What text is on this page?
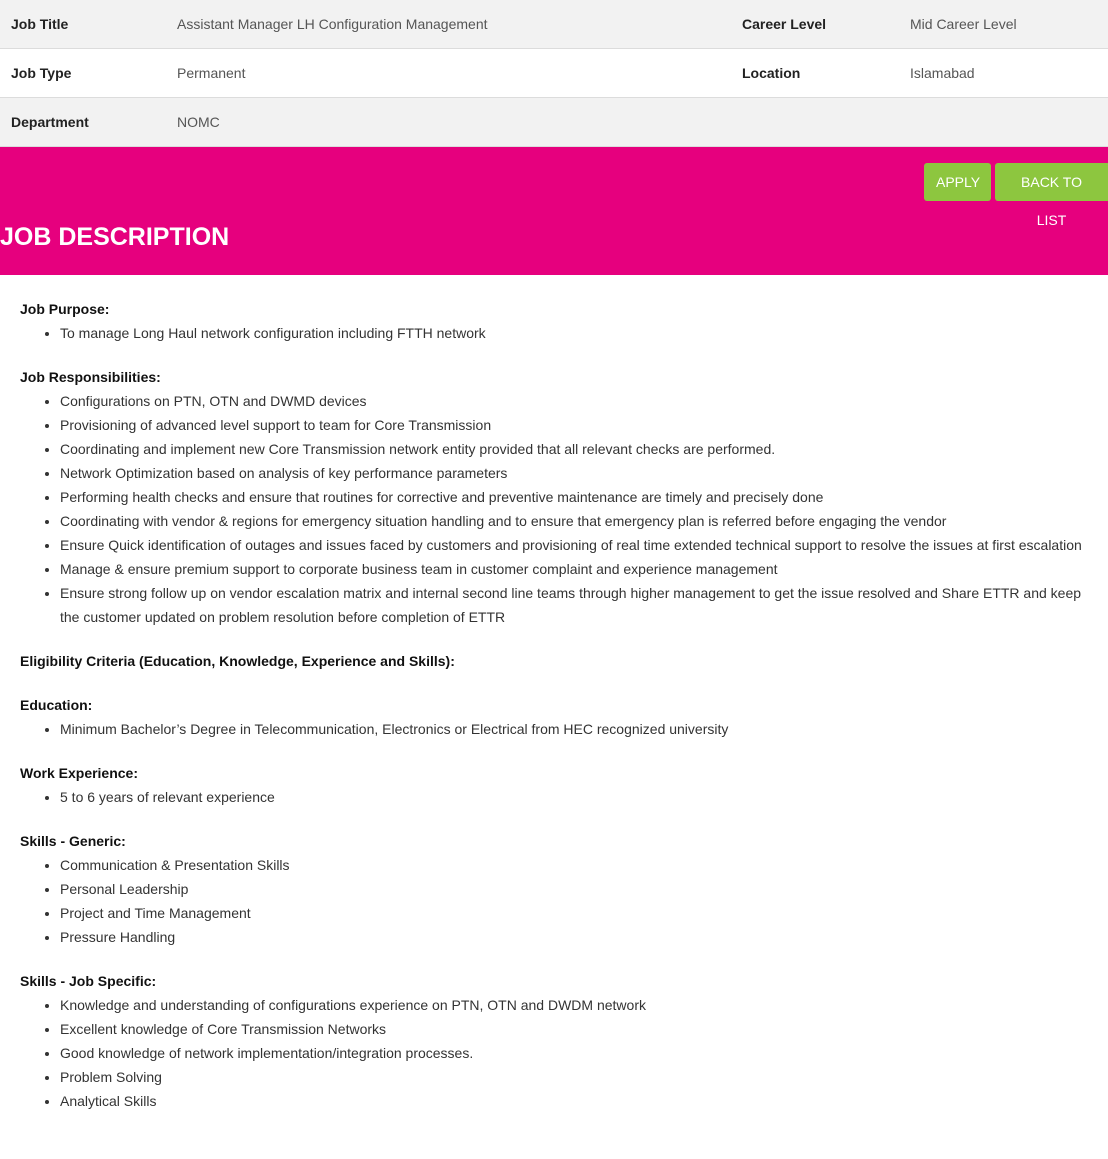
Job Title	Assistant Manager LH Configuration Management	Career Level	Mid Career Level
Job Type	Permanent	Location	Islamabad
Department	NOMC
APPLY	BACK TO LIST
JOB DESCRIPTION

Job Purpose:

• To manage Long Haul network configuration including FTTH network

Job Responsibilities:

• Configurations on PTN, OTN and DWMD devices
• Provisioning of advanced level support to team for Core Transmission
• Coordinating and implement new Core Transmission network entity provided that all relevant checks are performed.
• Network Optimization based on analysis of key performance parameters
• Performing health checks and ensure that routines for corrective and preventive maintenance are timely and precisely done
• Coordinating with vendor & regions for emergency situation handling and to ensure that emergency plan is referred before engaging the vendor
• Ensure Quick identification of outages and issues faced by customers and provisioning of real time extended technical support to resolve the issues at first escalation
• Manage & ensure premium support to corporate business team in customer complaint and experience management
• Ensure strong follow up on vendor escalation matrix and internal second line teams through higher management to get the issue resolved and Share ETTR and keep the customer updated on problem resolution before completion of ETTR

Eligibility Criteria (Education, Knowledge, Experience and Skills):

Education:

• Minimum Bachelor’s Degree in Telecommunication, Electronics or Electrical from HEC recognized university

Work Experience:

• 5 to 6 years of relevant experience

Skills - Generic:

• Communication & Presentation Skills
• Personal Leadership
• Project and Time Management
• Pressure Handling

Skills - Job Specific:

• Knowledge and understanding of configurations experience on PTN, OTN and DWDM network
• Excellent knowledge of Core Transmission Networks
• Good knowledge of network implementation/integration processes.
• Problem Solving
• Analytical Skills
